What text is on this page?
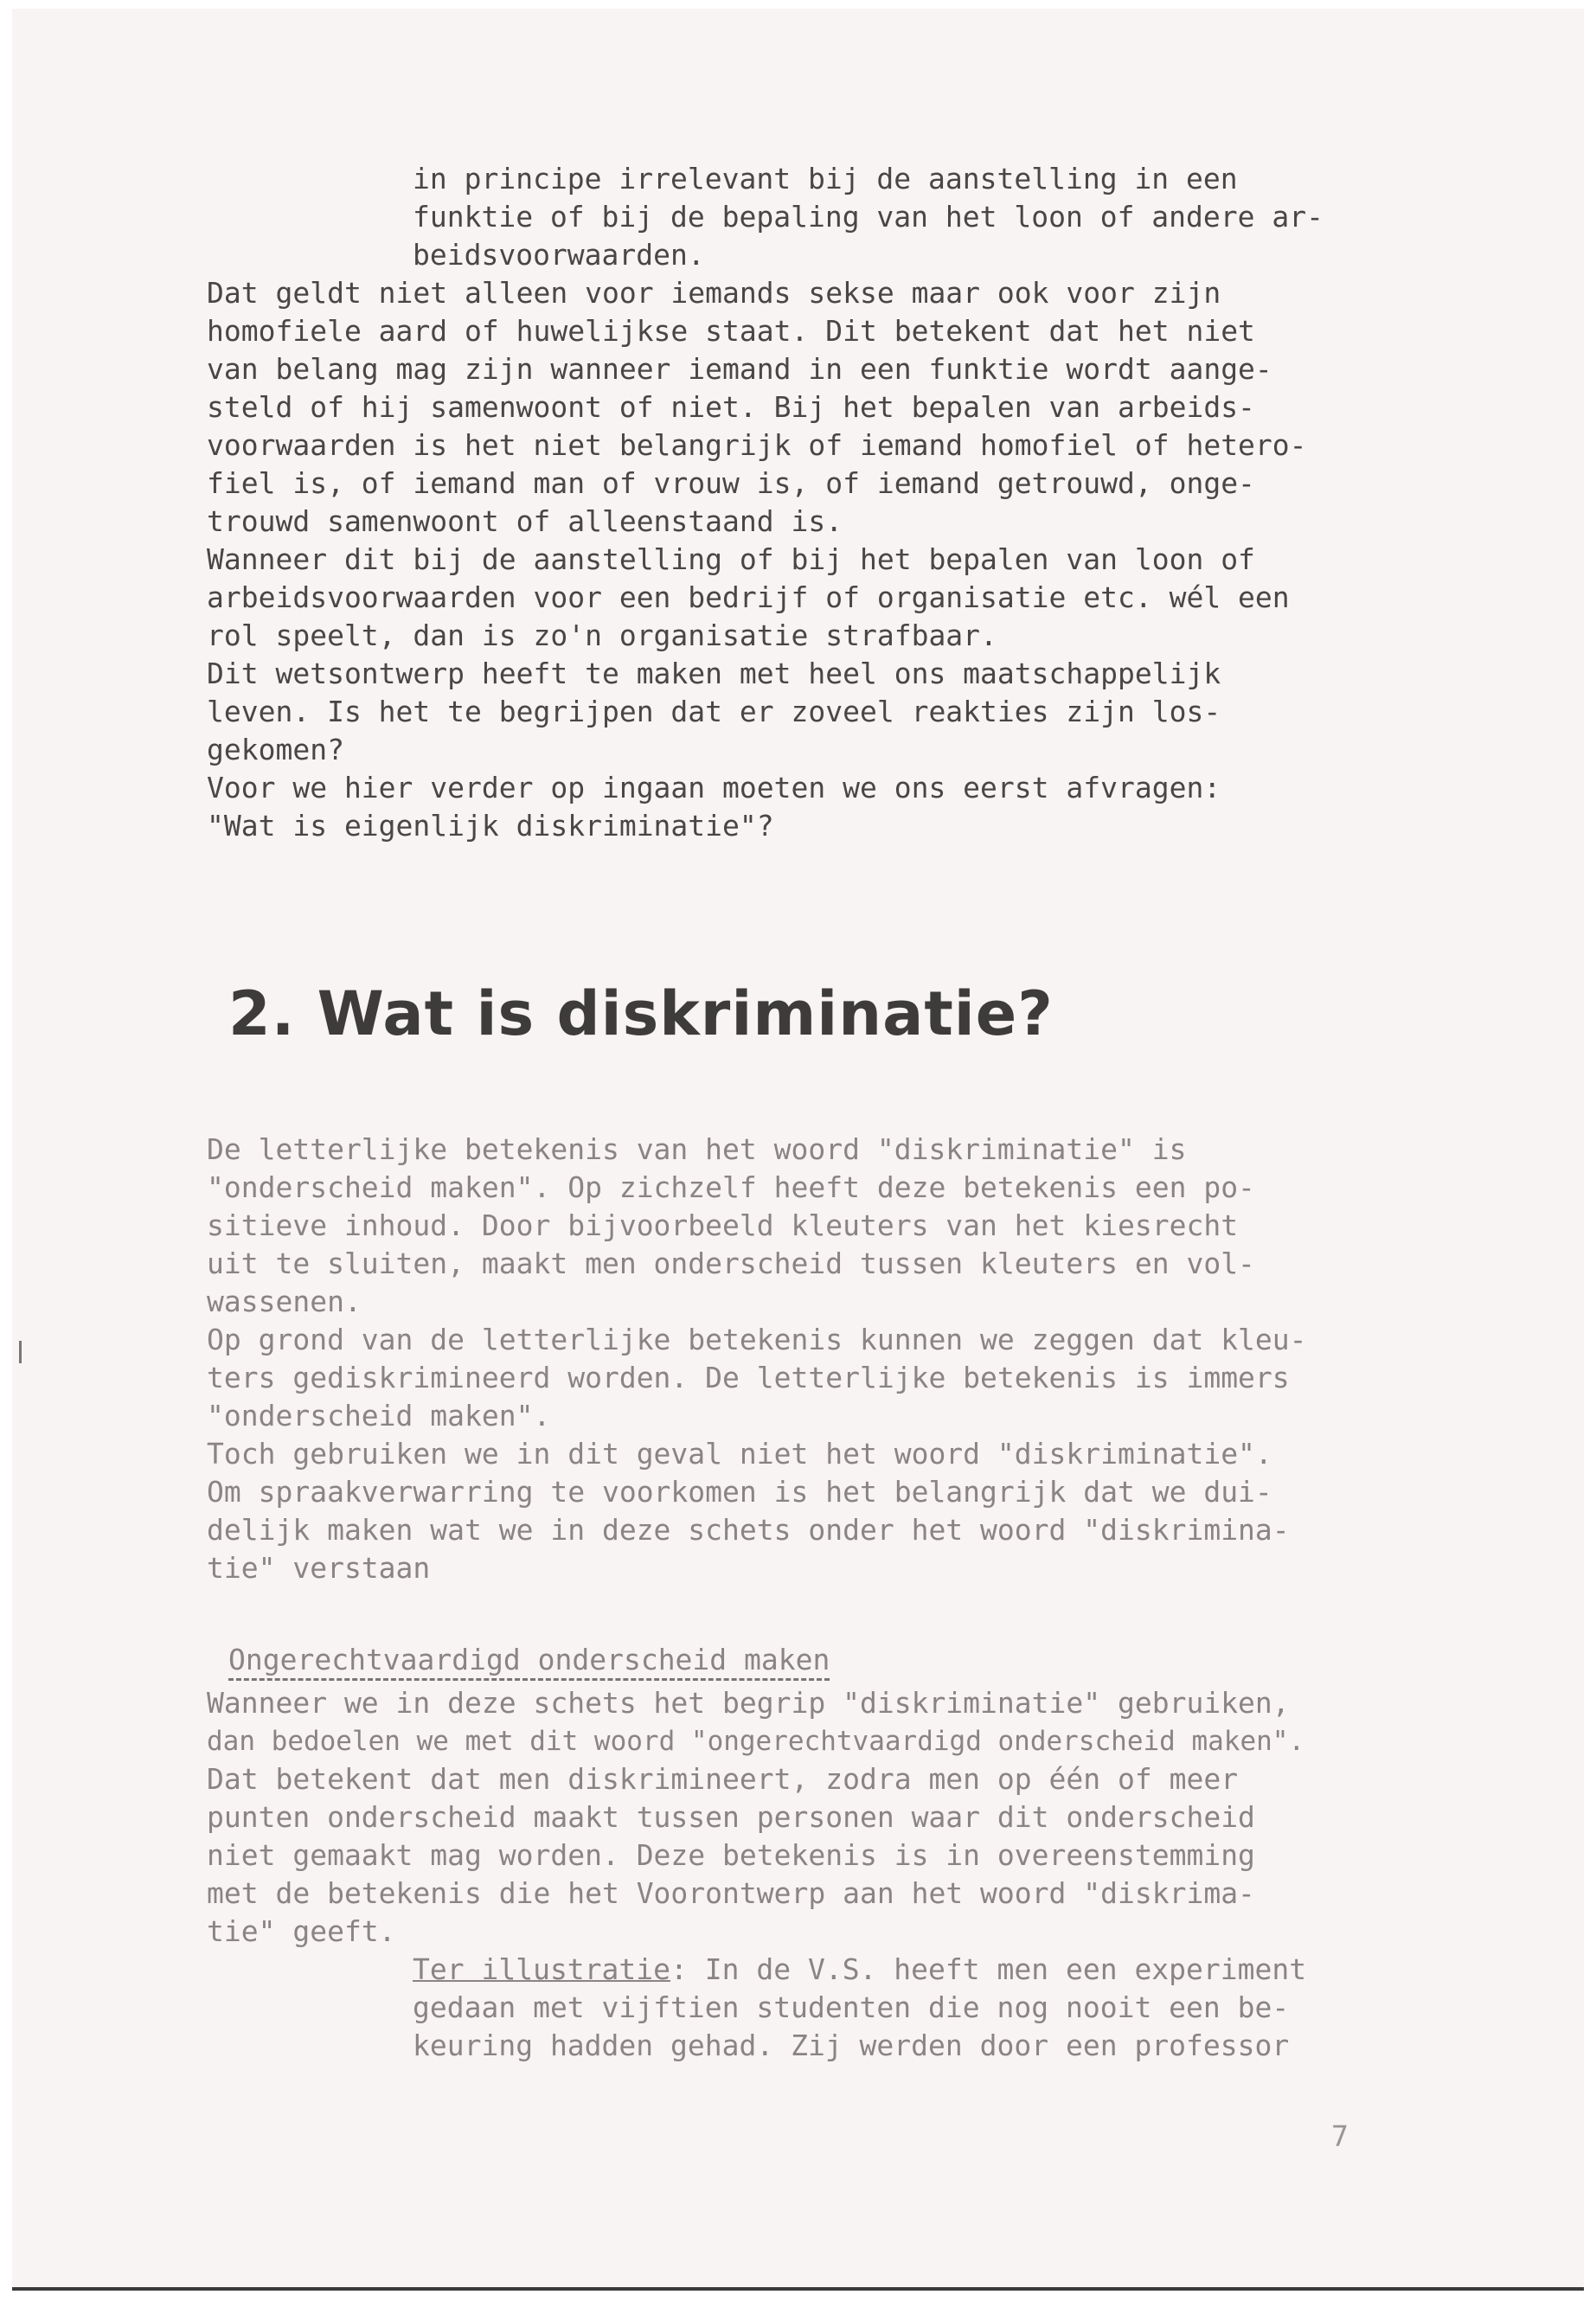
in principe irrelevant bij de aanstelling in een
funktie of bij de bepaling van het loon of andere ar-
beidsvoorwaarden.
Dat geldt niet alleen voor iemands sekse maar ook voor zijn
homofiele aard of huwelijkse staat. Dit betekent dat het niet
van belang mag zijn wanneer iemand in een funktie wordt aange-
steld of hij samenwoont of niet. Bij het bepalen van arbeids-
voorwaarden is het niet belangrijk of iemand homofiel of hetero-
fiel is, of iemand man of vrouw is, of iemand getrouwd, onge-
trouwd samenwoont of alleenstaand is.
Wanneer dit bij de aanstelling of bij het bepalen van loon of
arbeidsvoorwaarden voor een bedrijf of organisatie etc. wél een
rol speelt, dan is zo'n organisatie strafbaar.
Dit wetsontwerp heeft te maken met heel ons maatschappelijk
leven. Is het te begrijpen dat er zoveel reakties zijn los-
gekomen?
Voor we hier verder op ingaan moeten we ons eerst afvragen:
"Wat is eigenlijk diskriminatie"?
2. Wat is diskriminatie?
De letterlijke betekenis van het woord "diskriminatie" is
"onderscheid maken". Op zichzelf heeft deze betekenis een po-
sitieve inhoud. Door bijvoorbeeld kleuters van het kiesrecht
uit te sluiten, maakt men onderscheid tussen kleuters en vol-
wassenen.
Op grond van de letterlijke betekenis kunnen we zeggen dat kleu-
ters gediskrimineerd worden. De letterlijke betekenis is immers
"onderscheid maken".
Toch gebruiken we in dit geval niet het woord "diskriminatie".
Om spraakverwarring te voorkomen is het belangrijk dat we dui-
delijk maken wat we in deze schets onder het woord "diskrimina-
tie" verstaan
Ongerechtvaardigd onderscheid maken
Wanneer we in deze schets het begrip "diskriminatie" gebruiken,
dan bedoelen we met dit woord "ongerechtvaardigd onderscheid maken".
Dat betekent dat men diskrimineert, zodra men op één of meer
punten onderscheid maakt tussen personen waar dit onderscheid
niet gemaakt mag worden. Deze betekenis is in overeenstemming
met de betekenis die het Voorontwerp aan het woord "diskrima-
tie" geeft.
Ter illustratie: In de V.S. heeft men een experiment
gedaan met vijftien studenten die nog nooit een be-
keuring hadden gehad. Zij werden door een professor
7
